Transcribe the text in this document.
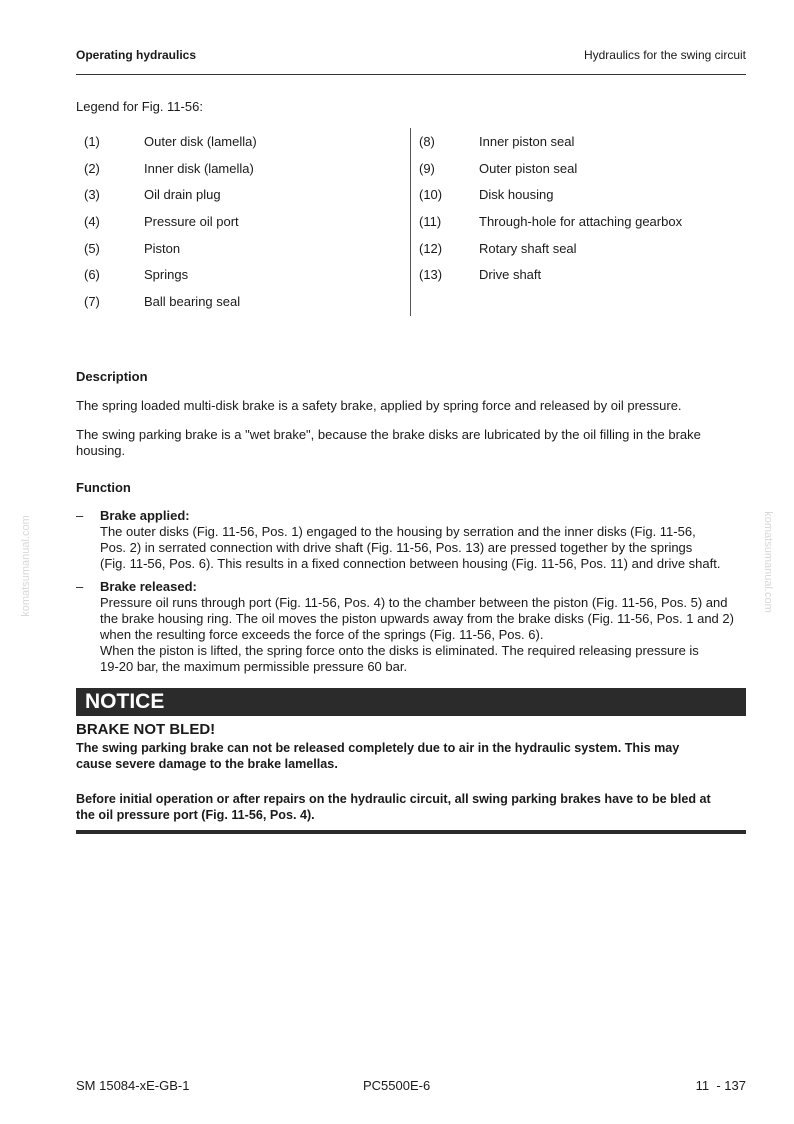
Operating hydraulics	Hydraulics for the swing circuit
Legend for Fig. 11-56:
(1)	Outer disk (lamella)
(2)	Inner disk (lamella)
(3)	Oil drain plug
(4)	Pressure oil port
(5)	Piston
(6)	Springs
(7)	Ball bearing seal
(8)	Inner piston seal
(9)	Outer piston seal
(10)	Disk housing
(11)	Through-hole for attaching gearbox
(12)	Rotary shaft seal
(13)	Drive shaft
Description
The spring loaded multi-disk brake is a safety brake, applied by spring force and released by oil pressure.
The swing parking brake is a "wet brake", because the brake disks are lubricated by the oil filling in the brake
housing.
Function
– Brake applied:
The outer disks (Fig. 11-56, Pos. 1) engaged to the housing by serration and the inner disks (Fig. 11-56,
Pos. 2) in serrated connection with drive shaft (Fig. 11-56, Pos. 13) are pressed together by the springs
(Fig. 11-56, Pos. 6). This results in a fixed connection between housing (Fig. 11-56, Pos. 11) and drive shaft.
– Brake released:
Pressure oil runs through port (Fig. 11-56, Pos. 4) to the chamber between the piston (Fig. 11-56, Pos. 5) and
the brake housing ring. The oil moves the piston upwards away from the brake disks (Fig. 11-56, Pos. 1 and 2)
when the resulting force exceeds the force of the springs (Fig. 11-56, Pos. 6).
When the piston is lifted, the spring force onto the disks is eliminated. The required releasing pressure is
19-20 bar, the maximum permissible pressure 60 bar.
NOTICE
BRAKE NOT BLED!
The swing parking brake can not be released completely due to air in the hydraulic system. This may
cause severe damage to the brake lamellas.
Before initial operation or after repairs on the hydraulic circuit, all swing parking brakes have to be bled at
the oil pressure port (Fig. 11-56, Pos. 4).
komatsumanual.com	komatsumanual.com
SM 15084-xE-GB-1	PC5500E-6	11  - 137
